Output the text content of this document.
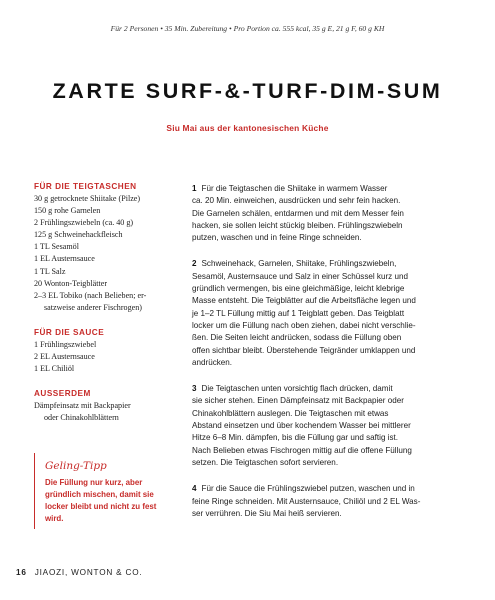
Für 2 Personen • 35 Min. Zubereitung • Pro Portion ca. 555 kcal, 35 g E, 21 g F, 60 g KH
ZARTE SURF-&-TURF-DIM-SUM
Siu Mai aus der kantonesischen Küche
FÜR DIE TEIGTASCHEN
30 g getrocknete Shiitake (Pilze)
150 g rohe Garnelen
2 Frühlingszwiebeln (ca. 40 g)
125 g Schweinehackfleisch
1 TL Sesamöl
1 EL Austernsauce
1 TL Salz
20 Wonton-Teigblätter
2–3 EL Tobiko (nach Belieben; er-
satzweise anderer Fischrogen)
FÜR DIE SAUCE
1 Frühlingszwiebel
2 EL Austernsauce
1 EL Chiliöl
AUSSERDEM
Dämpfeinsatz mit Backpapier
oder Chinakohlblättern
Geling-Tipp
Die Füllung nur kurz, aber
gründlich mischen, damit sie
locker bleibt und nicht zu fest
wird.
1 Für die Teigtaschen die Shiitake in warmem Wasser
ca. 20 Min. einweichen, ausdrücken und sehr fein hacken.
Die Garnelen schälen, entdarmen und mit dem Messer fein
hacken, sie sollen leicht stückig bleiben. Frühlingszwiebeln
putzen, waschen und in feine Ringe schneiden.
2 Schweinehack, Garnelen, Shiitake, Frühlingszwiebeln,
Sesamöl, Austernsauce und Salz in einer Schüssel kurz und
gründlich vermengen, bis eine gleichmäßige, leicht klebrige
Masse entsteht. Die Teigblätter auf die Arbeitsfläche legen und
je 1–2 TL Füllung mittig auf 1 Teigblatt geben. Das Teigblatt
locker um die Füllung nach oben ziehen, dabei nicht verschlie-
ßen. Die Seiten leicht andrücken, sodass die Füllung oben
offen sichtbar bleibt. Überstehende Teigränder umklappen und
andrücken.
3 Die Teigtaschen unten vorsichtig flach drücken, damit
sie sicher stehen. Einen Dämpfeinsatz mit Backpapier oder
Chinakohlblättern auslegen. Die Teigtaschen mit etwas
Abstand einsetzen und über kochendem Wasser bei mittlerer
Hitze 6–8 Min. dämpfen, bis die Füllung gar und saftig ist.
Nach Belieben etwas Fischrogen mittig auf die offene Füllung
setzen. Die Teigtaschen sofort servieren.
4 Für die Sauce die Frühlingszwiebel putzen, waschen und in
feine Ringe schneiden. Mit Austernsauce, Chiliöl und 2 EL Was-
ser verrühren. Die Siu Mai heiß servieren.
16 JIAOZI, WONTON & CO.
